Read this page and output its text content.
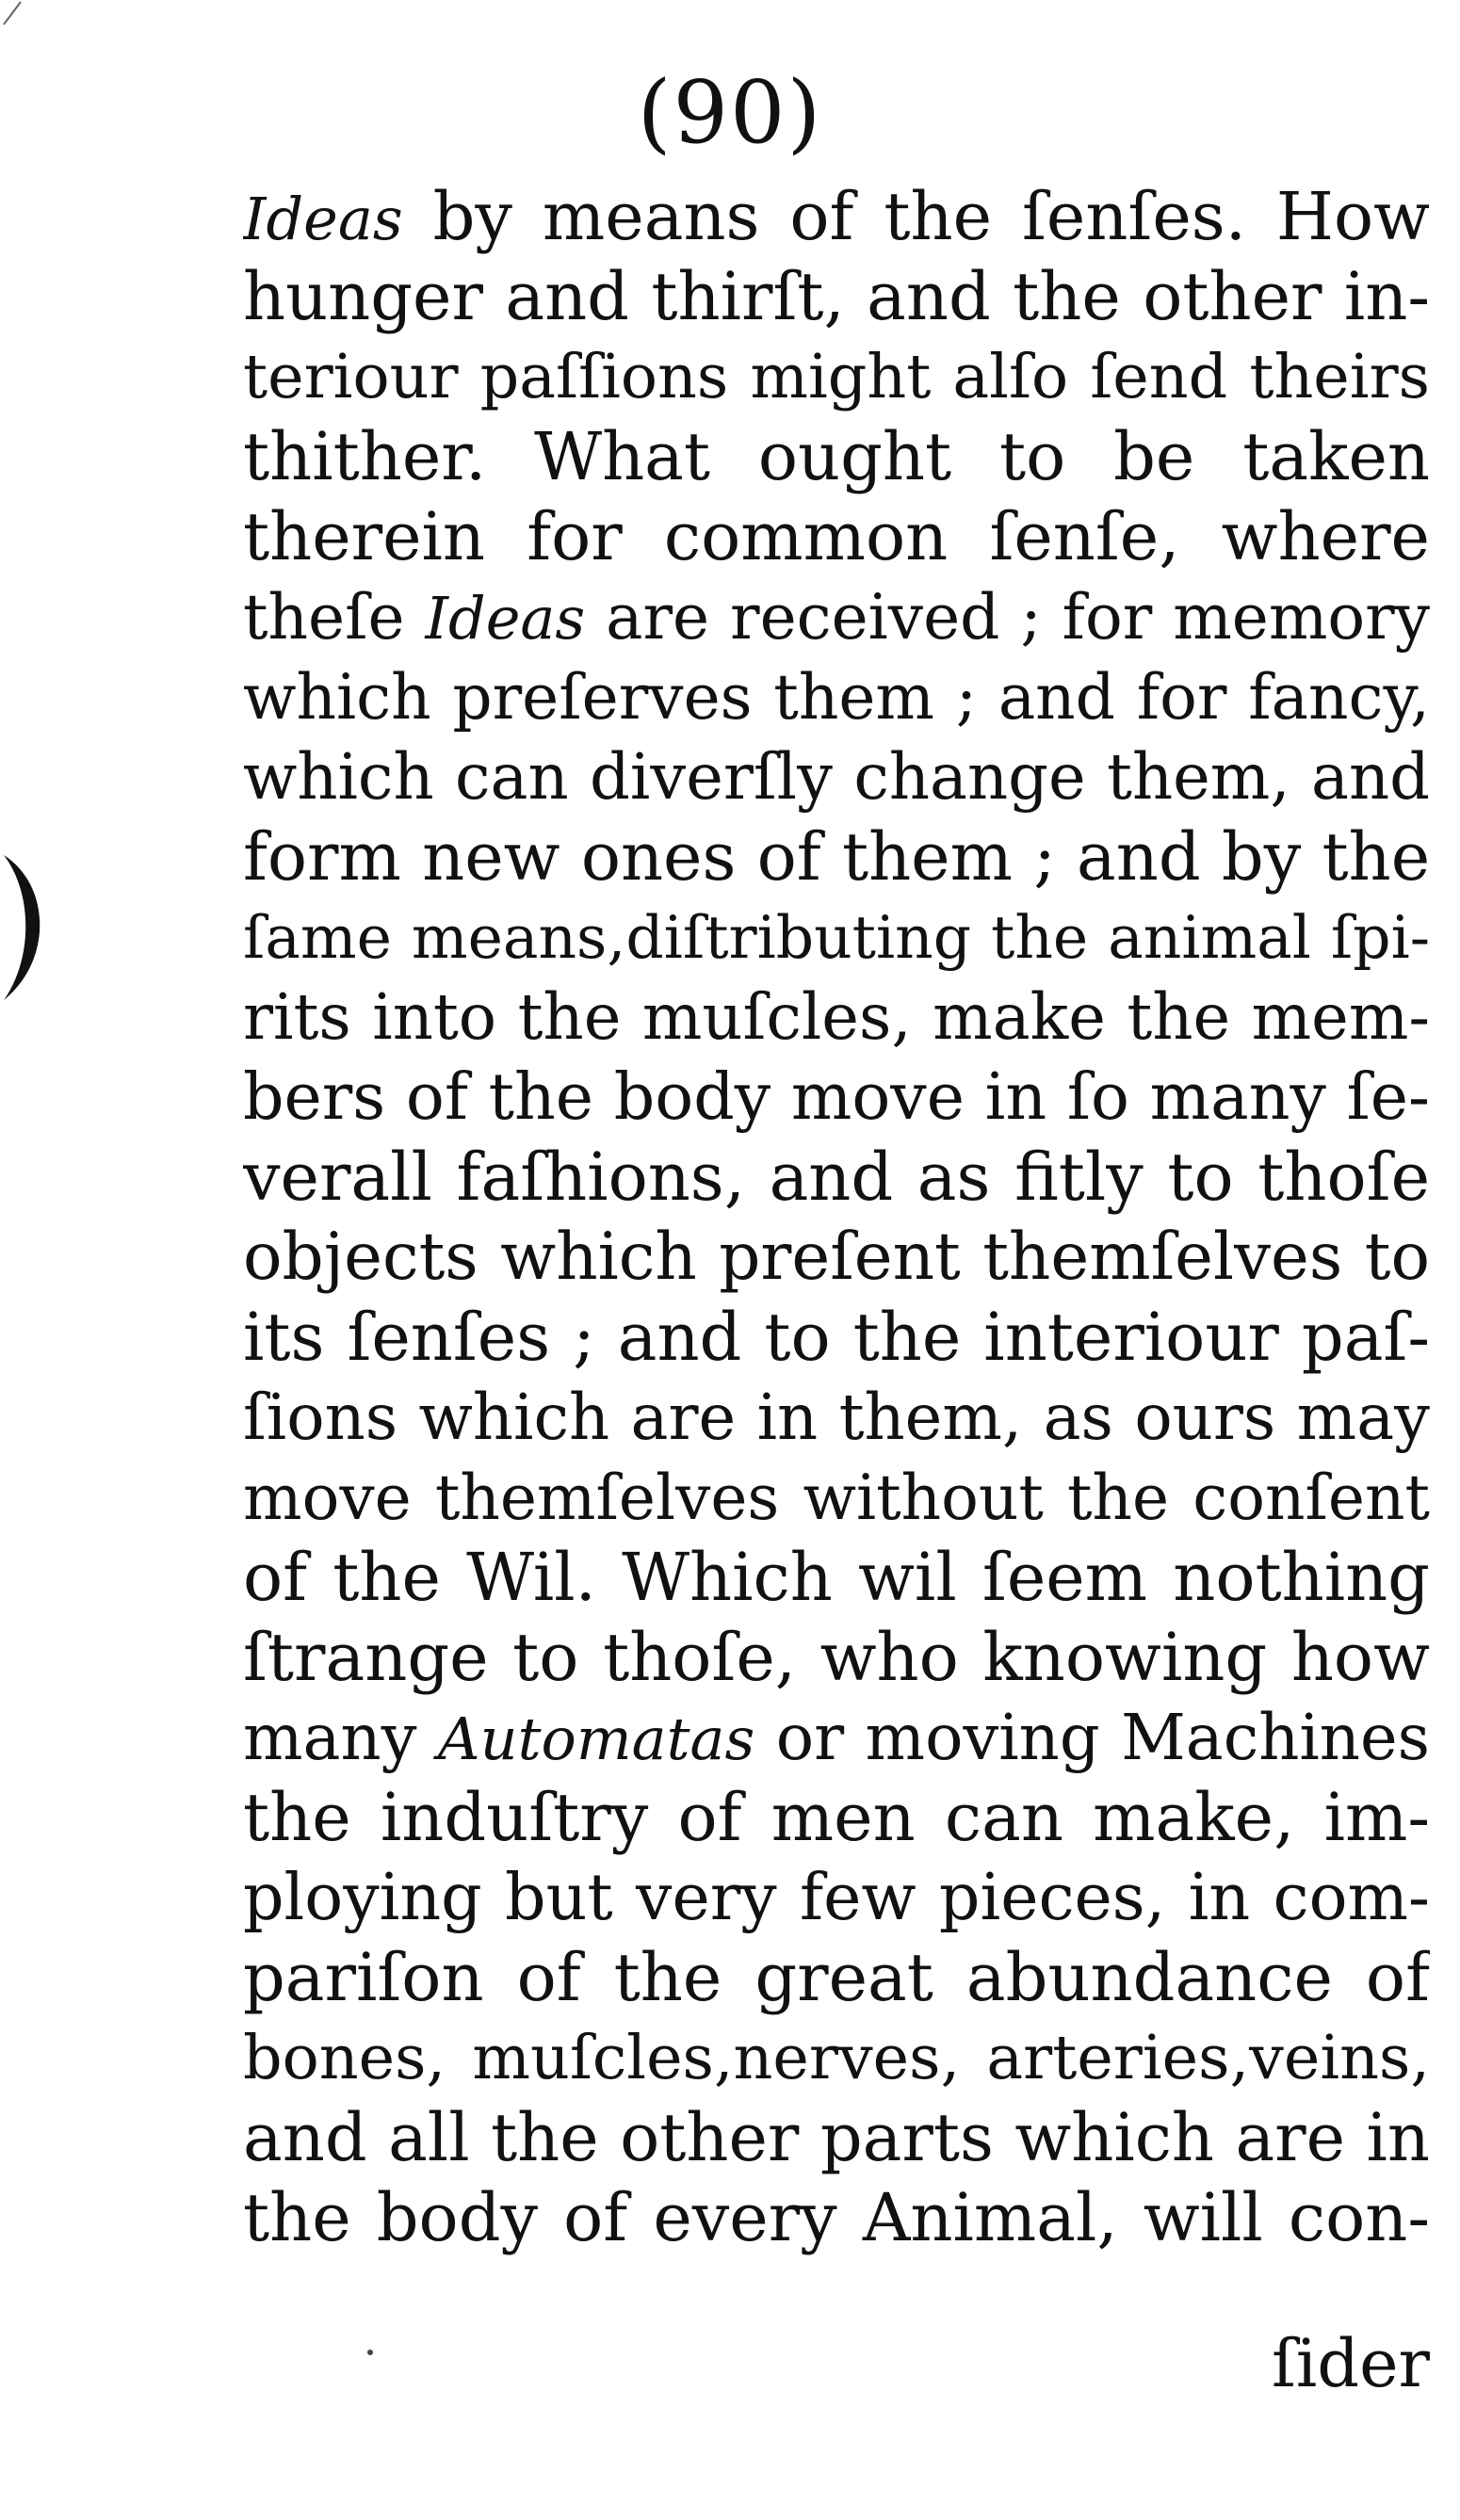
(90)
Ideas by means of the ſenſes. How
hunger and thirſt, and the other in-
teriour paſſions might alſo ſend theirs
thither. What ought to be taken
therein for common ſenſe, where
theſe Ideas are received ; for memory
which preſerves them ; and for fancy,
which can diverſly change them, and
form new ones of them ; and by the
ſame means,diſtributing the animal ſpi-
rits into the muſcles, make the mem-
bers of the body move in ſo many ſe-
verall faſhions, and as fitly to thoſe
objects which preſent themſelves to
its ſenſes ; and to the interiour paſ-
ſions which are in them, as ours may
move themſelves without the conſent
of the Wil. Which wil ſeem nothing
ſtrange to thoſe, who knowing how
many Automatas or moving Machines
the induſtry of men can make, im-
ploying but very few pieces, in com-
pariſon of the great abundance of
bones, muſcles,nerves, arteries,veins,
and all the other parts which are in
the body of every Animal, will con-
ſider
